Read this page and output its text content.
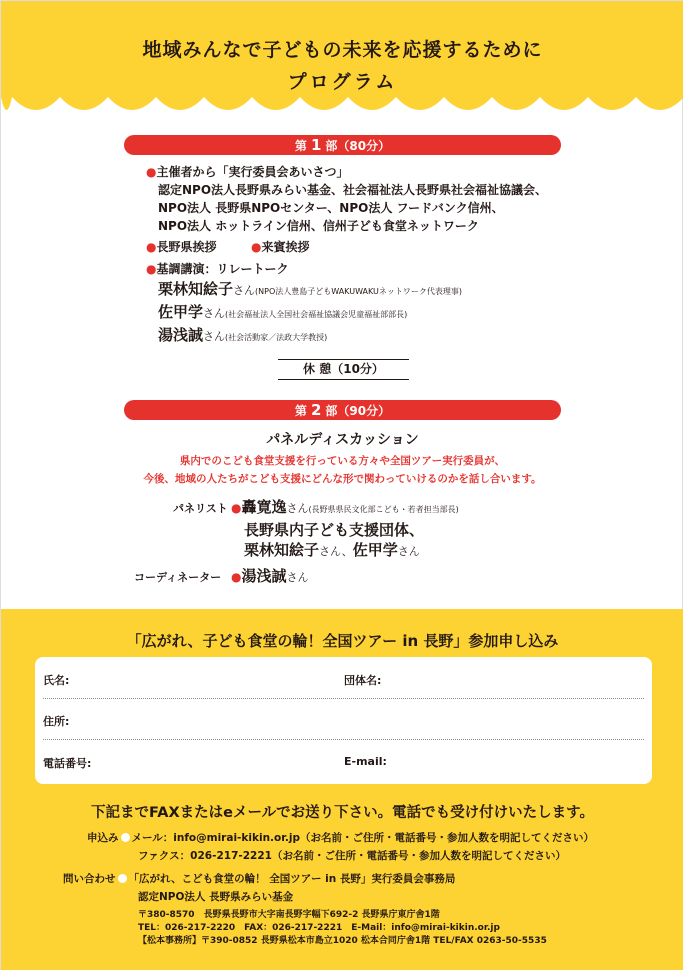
地域みんなで子どもの未来を応援するために
プログラム
第 1 部（80分）
●主催者から「実行委員会あいさつ」
認定NPO法人長野県みらい基金、社会福祉法人長野県社会福祉協議会、
NPO法人 長野県NPOセンター、NPO法人 フードバンク信州、
NPO法人 ホットライン信州、信州子ども食堂ネットワーク
●長野県挨拶	●来賓挨拶
●基調講演：リレートーク
栗林知絵子さん(NPO法人豊島子どもWAKUWAKUネットワーク代表理事)
佐甲学さん(社会福祉法人全国社会福祉協議会児童福祉部部長)
湯浅誠さん(社会活動家／法政大学教授)
休 憩（10分）
第 2 部（90分）
パネルディスカッション
県内でのこども食堂支援を行っている方々や全国ツアー実行委員が、
今後、地域の人たちがこども支援にどんな形で関わっていけるのかを話し合います。
パネリスト ●轟寛逸さん(長野県県民文化部こども・若者担当部長)
長野県内子ども支援団体、
栗林知絵子さん、佐甲学さん
コーディネーター ●湯浅誠さん
「広がれ、子ども食堂の輪！全国ツアー in 長野」参加申し込み
氏名:	団体名:
住所:
電話番号:	E-mail:
下記までFAXまたはeメールでお送り下さい。電話でも受け付けいたします。
申込み メール：info@mirai-kikin.or.jp（お名前・ご住所・電話番号・参加人数を明記してください）
ファクス：026-217-2221（お名前・ご住所・電話番号・参加人数を明記してください）
問い合わせ 「広がれ、こども食堂の輪！ 全国ツアー in 長野」実行委員会事務局
認定NPO法人 長野県みらい基金
〒380-8570　長野県長野市大字南長野字幅下692-2 長野県庁東庁舎1階
TEL：026-217-2220　FAX：026-217-2221　E-Mail：info@mirai-kikin.or.jp
【松本事務所】〒390-0852 長野県松本市島立1020 松本合同庁舎1階 TEL/FAX 0263-50-5535
